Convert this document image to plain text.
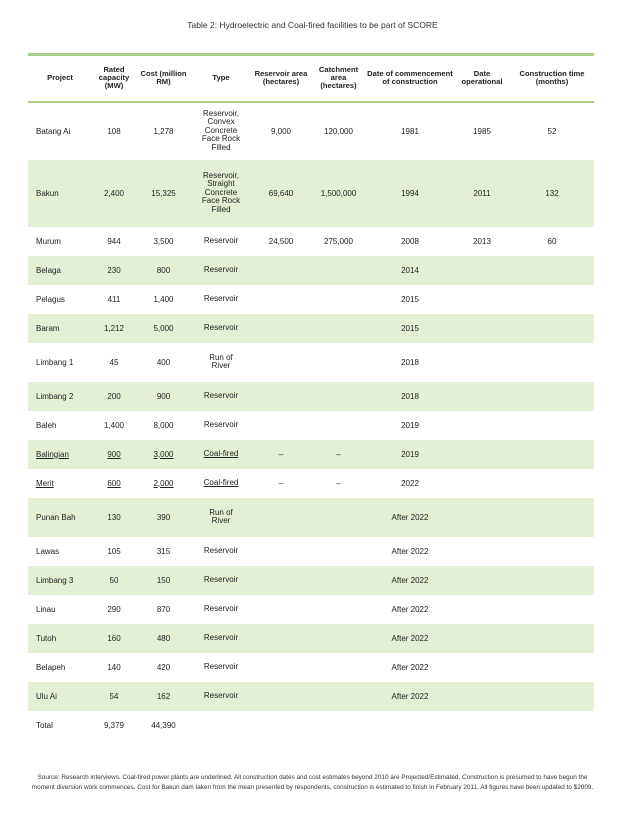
Table 2: Hydroelectric and Coal-fired facilities to be part of SCORE
Project	Rated capacity (MW)	Cost (million RM)	Type	Reservoir area (hectares)	Catchment area (hectares)	Date of commencement of construction	Date operational	Construction time (months)
Batang Ai	108	1,278	Reservoir, Convex Concrete Face Rock Filled	9,000	120,000	1981	1985	52
Bakun	2,400	15,325	Reservoir, Straight Concrete Face Rock Filled	69,640	1,500,000	1994	2011	132
Murum	944	3,500	Reservoir	24,500	275,000	2008	2013	60
Belaga	230	800	Reservoir			2014		
Pelagus	411	1,400	Reservoir			2015		
Baram	1,212	5,000	Reservoir			2015		
Limbang 1	45	400	Run of River			2018		
Limbang 2	200	900	Reservoir			2018		
Baleh	1,400	8,000	Reservoir			2019		
Balingian	900	3,000	Coal-fired	–	–	2019		
Merit	600	2,000	Coal-fired	–	–	2022		
Punan Bah	130	390	Run of River			After 2022		
Lawas	105	315	Reservoir			After 2022		
Limbang 3	50	150	Reservoir			After 2022		
Linau	290	870	Reservoir			After 2022		
Tutoh	160	480	Reservoir			After 2022		
Belapeh	140	420	Reservoir			After 2022		
Ulu Ai	54	162	Reservoir			After 2022		
Total	9,379	44,390						
Source: Research interviews. Coal-fired power plants are underlined. All construction dates and cost estimates beyond 2010 are Projected/Estimated. Construction is presumed to have begun the moment diversion work commences. Cost for Bakun dam taken from the mean presented by respondents, construction is estimated to finish in February 2011. All figures have been updated to $2009.
